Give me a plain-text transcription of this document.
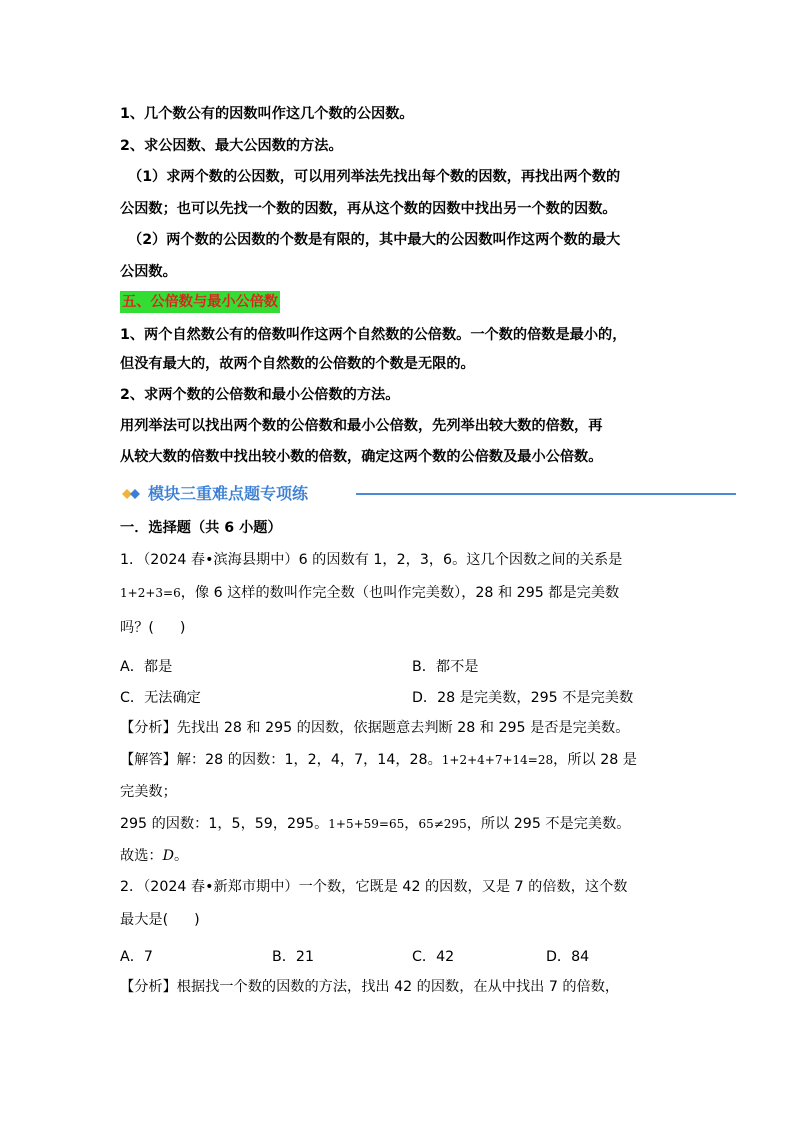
1、几个数公有的因数叫作这几个数的公因数。
2、求公因数、最大公因数的方法。
（1）求两个数的公因数，可以用列举法先找出每个数的因数，再找出两个数的
公因数；也可以先找一个数的因数，再从这个数的因数中找出另一个数的因数。
（2）两个数的公因数的个数是有限的，其中最大的公因数叫作这两个数的最大
公因数。
五、公倍数与最小公倍数
1、两个自然数公有的倍数叫作这两个自然数的公倍数。一个数的倍数是最小的，
但没有最大的，故两个自然数的公倍数的个数是无限的。
2、求两个数的公倍数和最小公倍数的方法。
用列举法可以找出两个数的公倍数和最小公倍数，先列举出较大数的倍数，再
从较大数的倍数中找出较小数的倍数，确定这两个数的公倍数及最小公倍数。
模块三重难点题专项练
一．选择题（共 6 小题）
1．（2024 春•滨海县期中）6 的因数有 1，2，3，6。这几个因数之间的关系是
1+2+3=6，像 6 这样的数叫作完全数（也叫作完美数），28 和 295 都是完美数
吗？( )
A．都是	B．都不是
C．无法确定	D．28 是完美数，295 不是完美数
【分析】先找出 28 和 295 的因数，依据题意去判断 28 和 295 是否是完美数。
【解答】解：28 的因数：1，2，4，7，14，28。1+2+4+7+14=28，所以 28 是
完美数；
295 的因数：1，5，59，295。1+5+59=65，65≠295，所以 295 不是完美数。
故选：D。
2．（2024 春•新郑市期中）一个数，它既是 42 的因数，又是 7 的倍数，这个数
最大是( )
A．7	B．21	C．42	D．84
【分析】根据找一个数的因数的方法，找出 42 的因数，在从中找出 7 的倍数，
